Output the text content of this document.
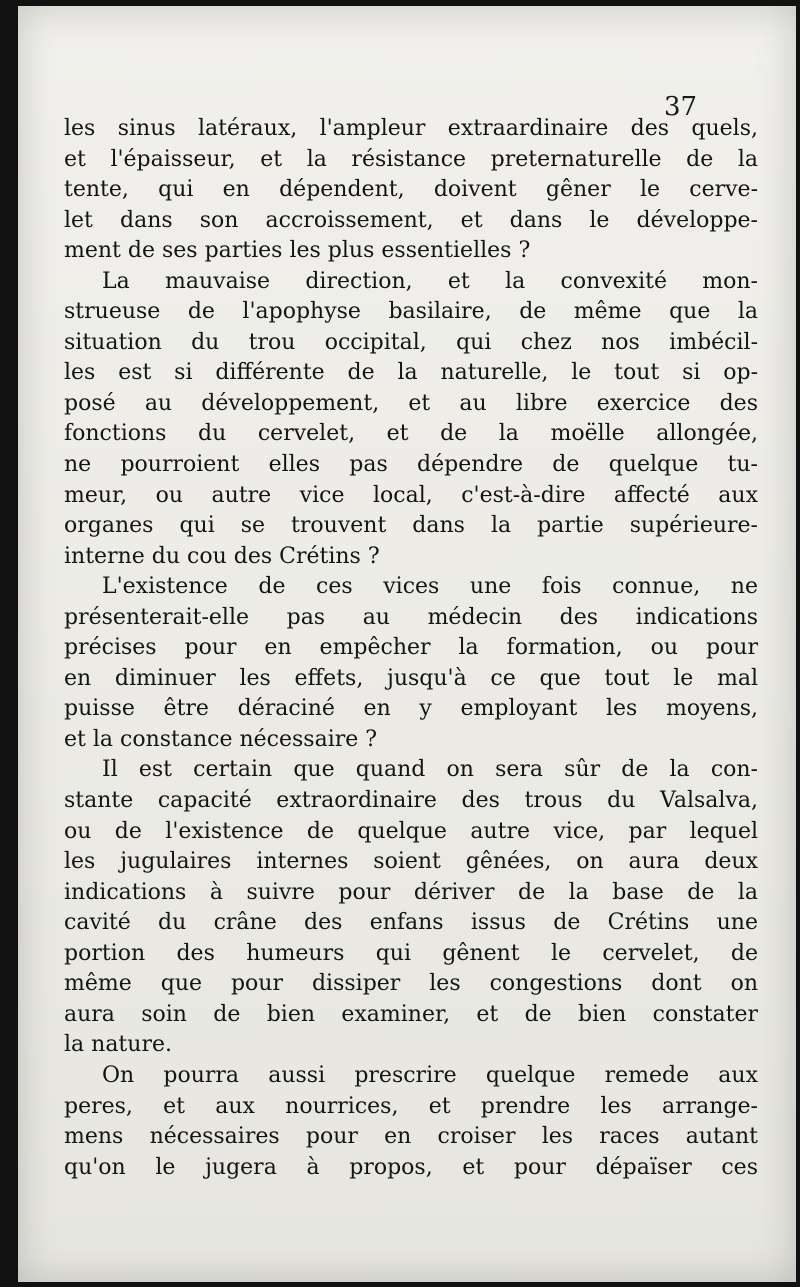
37
les sinus latéraux, l'ampleur extraardinaire des quels,
et l'épaisseur, et la résistance preternaturelle de la
tente, qui en dépendent, doivent gêner le cerve-
let dans son accroissement, et dans le développe-
ment de ses parties les plus essentielles ?
La mauvaise direction, et la convexité mon-
strueuse de l'apophyse basilaire, de même que la
situation du trou occipital, qui chez nos imbécil-
les est si différente de la naturelle, le tout si op-
posé au développement, et au libre exercice des
fonctions du cervelet, et de la moëlle allongée,
ne pourroient elles pas dépendre de quelque tu-
meur, ou autre vice local, c'est-à-dire affecté aux
organes qui se trouvent dans la partie supérieure-
interne du cou des Crétins ?
L'existence de ces vices une fois connue, ne
présenterait-elle pas au médecin des indications
précises pour en empêcher la formation, ou pour
en diminuer les effets, jusqu'à ce que tout le mal
puisse être déraciné en y employant les moyens,
et la constance nécessaire ?
Il est certain que quand on sera sûr de la con-
stante capacité extraordinaire des trous du Valsalva,
ou de l'existence de quelque autre vice, par lequel
les jugulaires internes soient gênées, on aura deux
indications à suivre pour dériver de la base de la
cavité du crâne des enfans issus de Crétins une
portion des humeurs qui gênent le cervelet, de
même que pour dissiper les congestions dont on
aura soin de bien examiner, et de bien constater
la nature.
On pourra aussi prescrire quelque remede aux
peres, et aux nourrices, et prendre les arrange-
mens nécessaires pour en croiser les races autant
qu'on le jugera à propos, et pour dépaïser ces
